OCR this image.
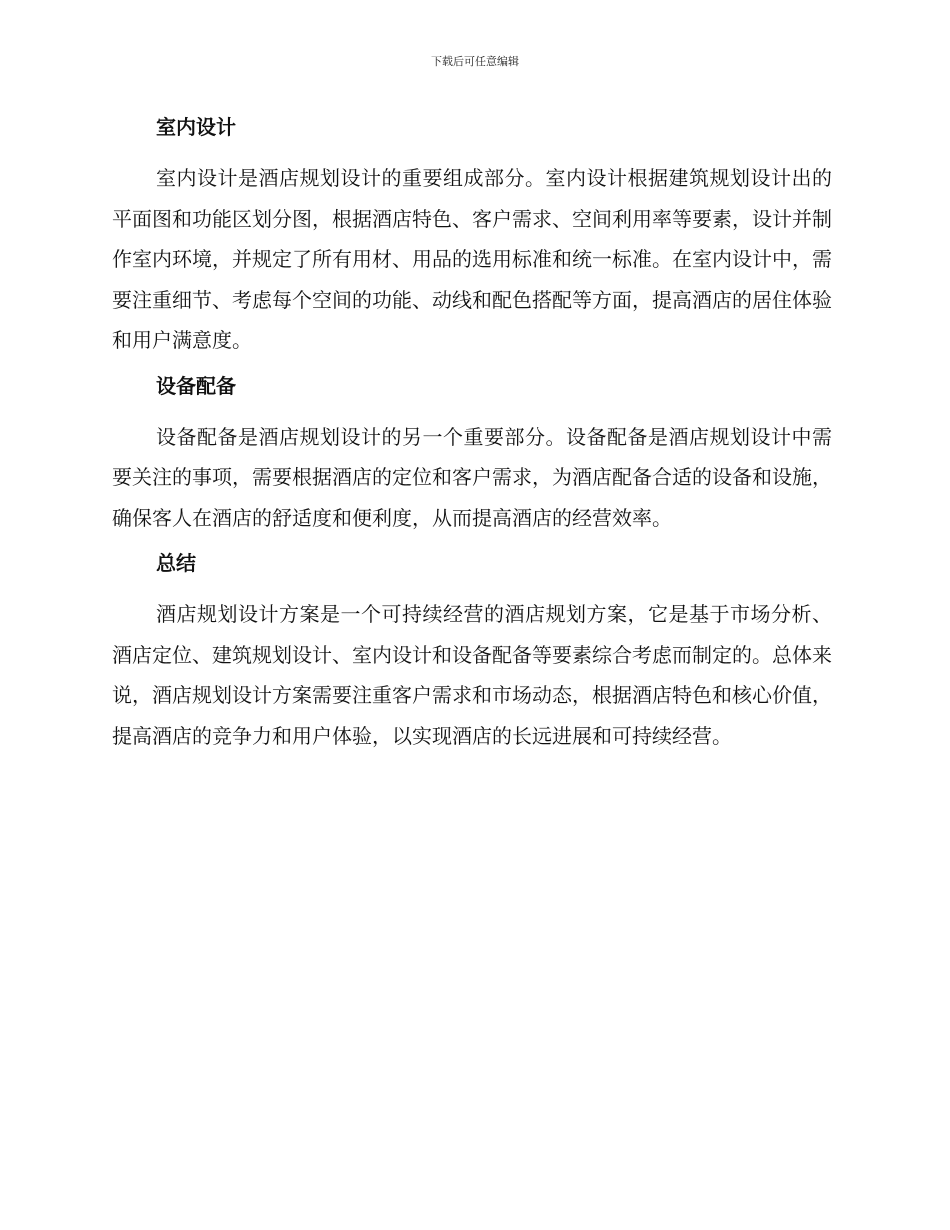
下载后可任意编辑
室内设计

室内设计是酒店规划设计的重要组成部分。室内设计根据建筑规划设计出的平面图和功能区划分图，根据酒店特色、客户需求、空间利用率等要素，设计并制作室内环境，并规定了所有用材、用品的选用标准和统一标准。在室内设计中，需要注重细节、考虑每个空间的功能、动线和配色搭配等方面，提高酒店的居住体验和用户满意度。

设备配备

设备配备是酒店规划设计的另一个重要部分。设备配备是酒店规划设计中需要关注的事项，需要根据酒店的定位和客户需求，为酒店配备合适的设备和设施，确保客人在酒店的舒适度和便利度，从而提高酒店的经营效率。

总结

酒店规划设计方案是一个可持续经营的酒店规划方案，它是基于市场分析、酒店定位、建筑规划设计、室内设计和设备配备等要素综合考虑而制定的。总体来说，酒店规划设计方案需要注重客户需求和市场动态，根据酒店特色和核心价值，提高酒店的竞争力和用户体验，以实现酒店的长远进展和可持续经营。
